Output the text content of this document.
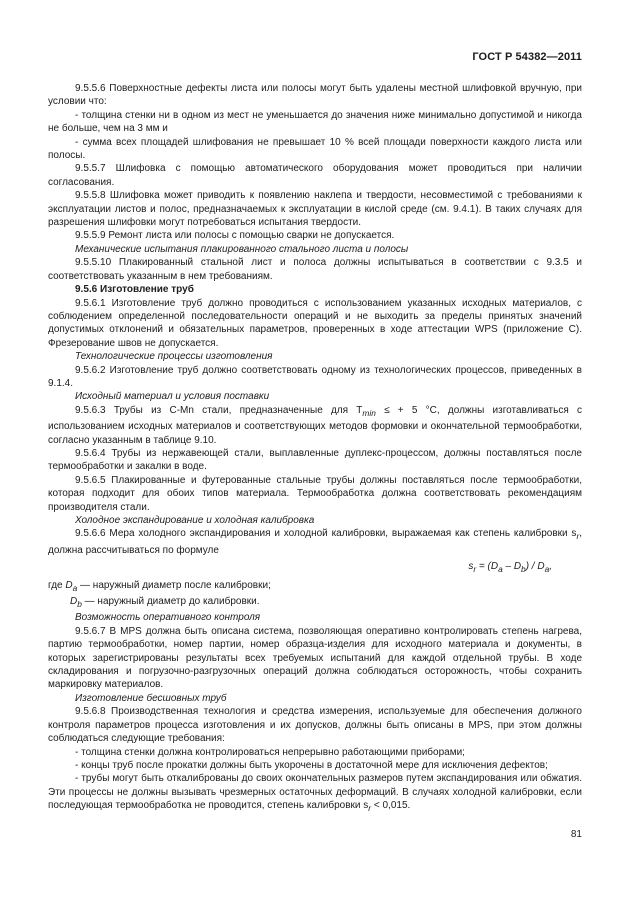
ГОСТ Р 54382—2011

9.5.5.6 Поверхностные дефекты листа или полосы могут быть удалены местной шлифовкой вручную, при условии что:

- толщина стенки ни в одном из мест не уменьшается до значения ниже минимально допустимой и никогда не больше, чем на 3 мм и

- сумма всех площадей шлифования не превышает 10 % всей площади поверхности каждого листа или полосы.

9.5.5.7 Шлифовка с помощью автоматического оборудования может проводиться при наличии согласования.

9.5.5.8 Шлифовка может приводить к появлению наклепа и твердости, несовместимой с требованиями к эксплуатации листов и полос, предназначаемых к эксплуатации в кислой среде (см. 9.4.1). В таких случаях для разрешения шлифовки могут потребоваться испытания твердости.

9.5.5.9 Ремонт листа или полосы с помощью сварки не допускается.

Механические испытания плакированного стального листа и полосы

9.5.5.10 Плакированный стальной лист и полоса должны испытываться в соответствии с 9.3.5 и соответствовать указанным в нем требованиям.

9.5.6 Изготовление труб

9.5.6.1 Изготовление труб должно проводиться с использованием указанных исходных материалов, с соблюдением определенной последовательности операций и не выходить за пределы принятых значений допустимых отклонений и обязательных параметров, проверенных в ходе аттестации WPS (приложение С). Фрезерование швов не допускается.

Технологические процессы изготовления

9.5.6.2 Изготовление труб должно соответствовать одному из технологических процессов, приведенных в 9.1.4.

Исходный материал и условия поставки

9.5.6.3 Трубы из C-Mn стали, предназначенные для $T_{min}$ ≤ + 5 °С, должны изготавливаться с использованием исходных материалов и соответствующих методов формовки и окончательной термообработки, согласно указанным в таблице 9.10.

9.5.6.4 Трубы из нержавеющей стали, выплавленные дуплекс-процессом, должны поставляться после термообработки и закалки в воде.

9.5.6.5 Плакированные и футерованные стальные трубы должны поставляться после термообработки, которая подходит для обоих типов материала. Термообработка должна соответствовать рекомендациям производителя стали.

Холодное экспандирование и холодная калибровка

9.5.6.6 Мера холодного экспандирования и холодной калибровки, выражаемая как степень калибровки $s_r$, должна рассчитываться по формуле

$s_r = (D_a - D_b) / D_a$,

где $D_a$ — наружный диаметр после калибровки;

$D_b$ — наружный диаметр до калибровки.

Возможность оперативного контроля

9.5.6.7 В MPS должна быть описана система, позволяющая оперативно контролировать степень нагрева, партию термообработки, номер партии, номер образца-изделия для исходного материала и документы, в которых зарегистрированы результаты всех требуемых испытаний для каждой отдельной трубы. В ходе складирования и погрузочно-разгрузочных операций должна соблюдаться осторожность, чтобы сохранить маркировку материалов.

Изготовление бесшовных труб

9.5.6.8 Производственная технология и средства измерения, используемые для обеспечения должного контроля параметров процесса изготовления и их допусков, должны быть описаны в MPS, при этом должны соблюдаться следующие требования:

- толщина стенки должна контролироваться непрерывно работающими приборами;

- концы труб после прокатки должны быть укорочены в достаточной мере для исключения дефектов;

- трубы могут быть откалиброваны до своих окончательных размеров путем экспандирования или обжатия. Эти процессы не должны вызывать чрезмерных остаточных деформаций. В случаях холодной калибровки, если последующая термообработка не проводится, степень калибровки $s_r < 0,015$.

81
